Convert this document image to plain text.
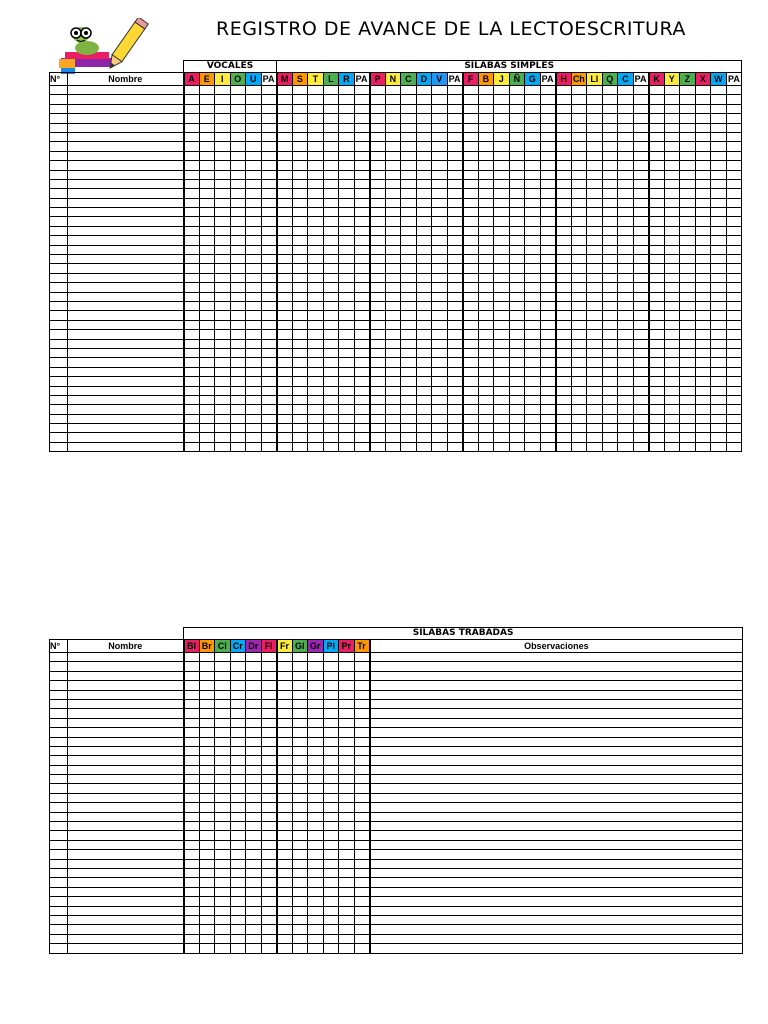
REGISTRO DE AVANCE DE LA LECTOESCRITURA
		VOCALES						SILABAS SIMPLES																													
N°	Nombre	A	E	I	O	U	PA	M	S	T	L	R	PA	P	N	C	D	V	PA	F	B	J	Ñ	G	PA	H	Ch	Ll	Q	C	PA	K	Y	Z	X	W	PA

		SILABAS TRABADAS												
N°	Nombre	Bl	Br	Cl	Cr	Dr	Fl	Fr	Gl	Gr	Pl	Pr	Tr	Observaciones
